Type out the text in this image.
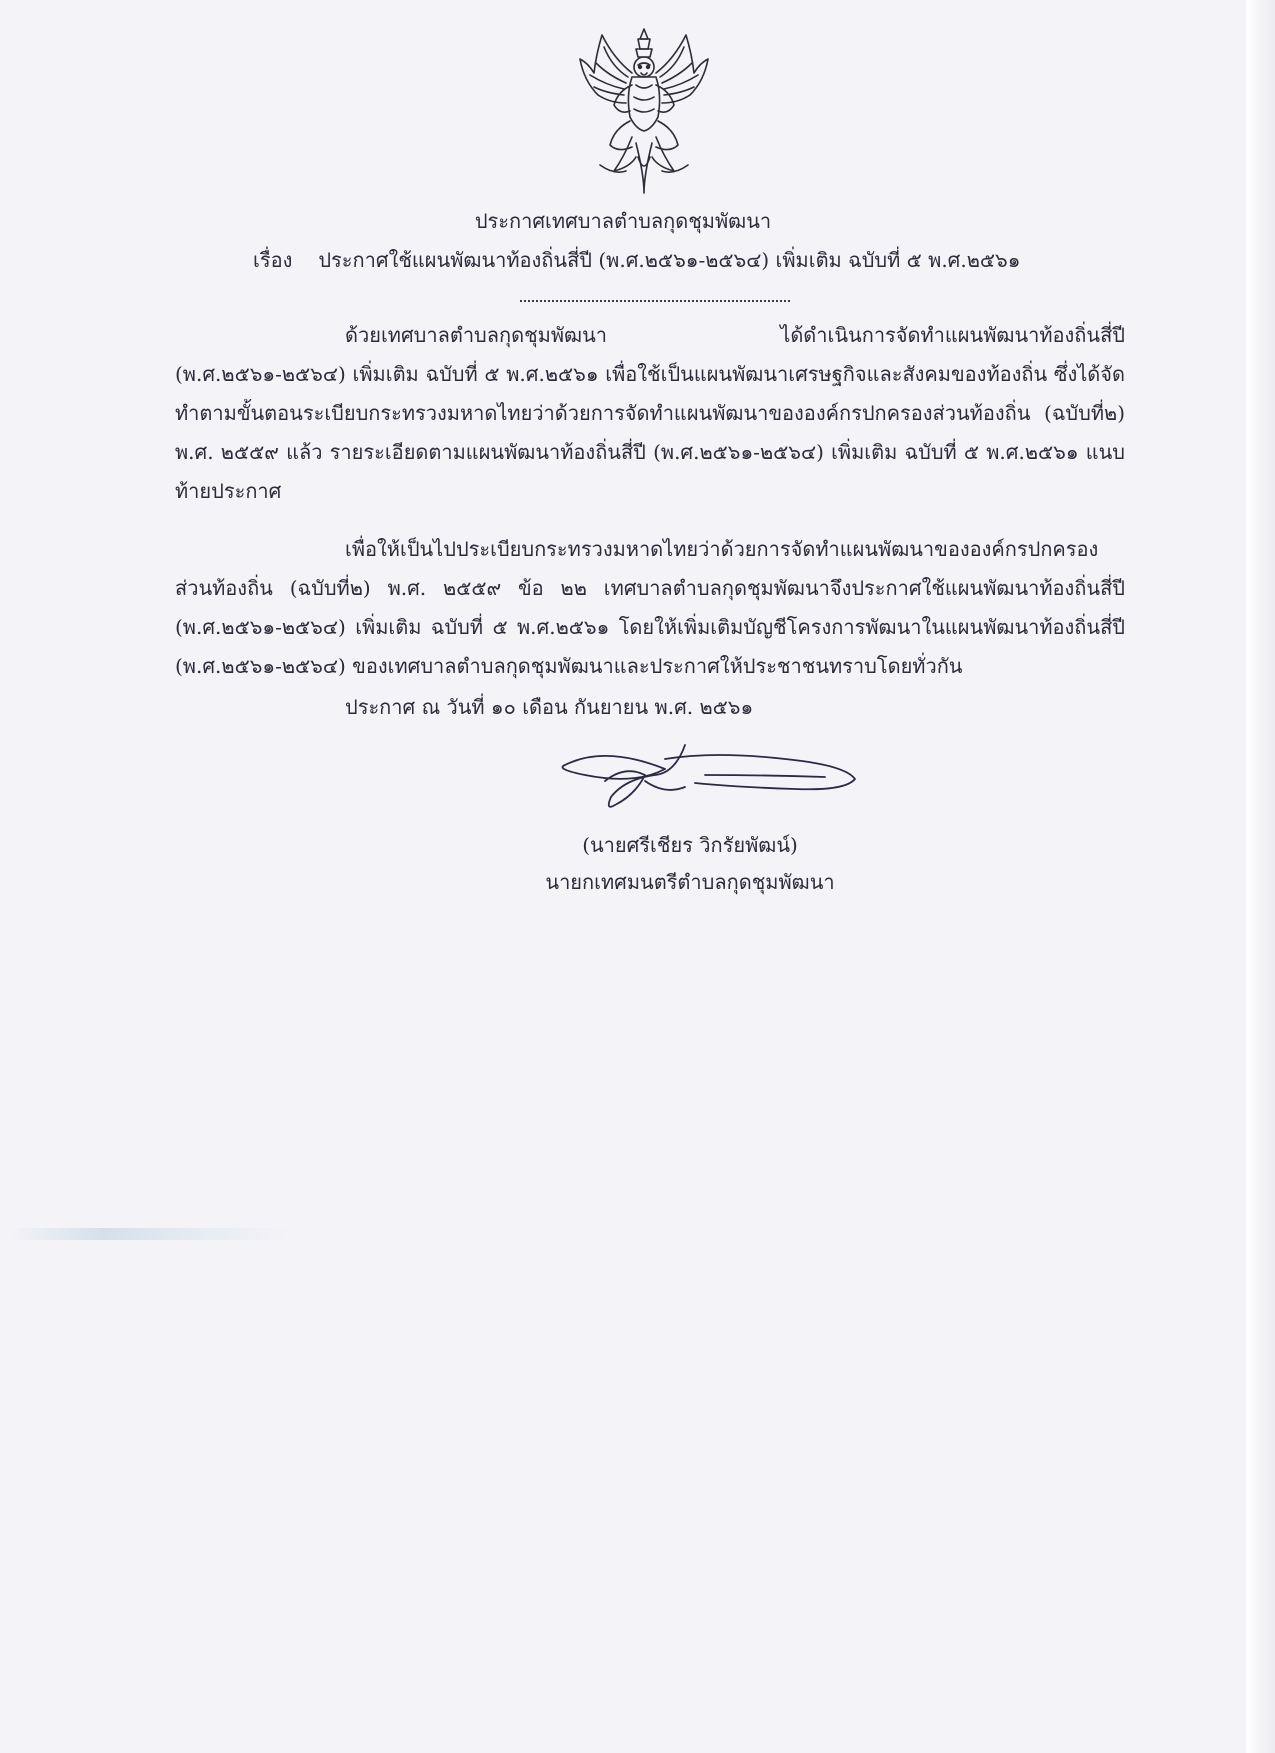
ประกาศเทศบาลตำบลกุดชุมพัฒนา
เรื่อง ประกาศใช้แผนพัฒนาท้องถิ่นสี่ปี (พ.ศ.๒๕๖๑-๒๕๖๔) เพิ่มเติม ฉบับที่ ๕ พ.ศ.๒๕๖๑
ด้วยเทศบาลตำบลกุดชุมพัฒนา ได้ดำเนินการจัดทำแผนพัฒนาท้องถิ่นสี่ปี (พ.ศ.๒๕๖๑-๒๕๖๔) เพิ่มเติม ฉบับที่ ๕ พ.ศ.๒๕๖๑ เพื่อใช้เป็นแผนพัฒนาเศรษฐกิจและสังคมของท้องถิ่น ซึ่งได้จัดทำตามขั้นตอนระเบียบกระทรวงมหาดไทยว่าด้วยการจัดทำแผนพัฒนาขององค์กรปกครองส่วนท้องถิ่น (ฉบับที่๒) พ.ศ. ๒๕๕๙ แล้ว รายระเอียดตามแผนพัฒนาท้องถิ่นสี่ปี (พ.ศ.๒๕๖๑-๒๕๖๔) เพิ่มเติม ฉบับที่ ๕ พ.ศ.๒๕๖๑ แนบท้ายประกาศ
เพื่อให้เป็นไปประเบียบกระทรวงมหาดไทยว่าด้วยการจัดทำแผนพัฒนาขององค์กรปกครองส่วนท้องถิ่น (ฉบับที่๒) พ.ศ. ๒๕๕๙ ข้อ ๒๒ เทศบาลตำบลกุดชุมพัฒนาจึงประกาศใช้แผนพัฒนาท้องถิ่นสี่ปี (พ.ศ.๒๕๖๑-๒๕๖๔) เพิ่มเติม ฉบับที่ ๕ พ.ศ.๒๕๖๑ โดยให้เพิ่มเติมบัญชีโครงการพัฒนาในแผนพัฒนาท้องถิ่นสี่ปี (พ.ศ.๒๕๖๑-๒๕๖๔) ของเทศบาลตำบลกุดชุมพัฒนาและประกาศให้ประชาชนทราบโดยทั่วกัน
ประกาศ ณ วันที่ ๑๐ เดือน กันยายน พ.ศ. ๒๕๖๑
(นายศรีเชียร วิกรัยพัฒน์)
นายกเทศมนตรีตำบลกุดชุมพัฒนา
